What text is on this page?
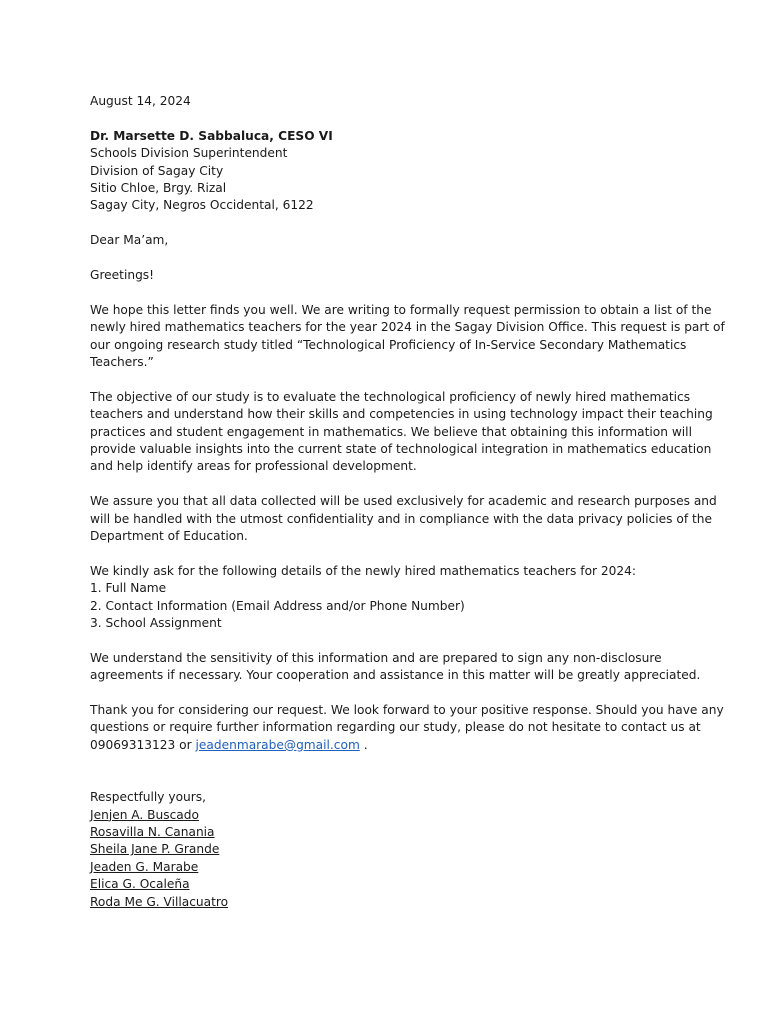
August 14, 2024
Dr. Marsette D. Sabbaluca, CESO VI
Schools Division Superintendent
Division of Sagay City
Sitio Chloe, Brgy. Rizal
Sagay City, Negros Occidental, 6122
Dear Ma’am,
Greetings!
We hope this letter finds you well. We are writing to formally request permission to obtain a list of the
newly hired mathematics teachers for the year 2024 in the Sagay Division Office. This request is part of
our ongoing research study titled “Technological Proficiency of In-Service Secondary Mathematics
Teachers.”
The objective of our study is to evaluate the technological proficiency of newly hired mathematics
teachers and understand how their skills and competencies in using technology impact their teaching
practices and student engagement in mathematics. We believe that obtaining this information will
provide valuable insights into the current state of technological integration in mathematics education
and help identify areas for professional development.
We assure you that all data collected will be used exclusively for academic and research purposes and
will be handled with the utmost confidentiality and in compliance with the data privacy policies of the
Department of Education.
We kindly ask for the following details of the newly hired mathematics teachers for 2024:
1. Full Name
2. Contact Information (Email Address and/or Phone Number)
3. School Assignment
We understand the sensitivity of this information and are prepared to sign any non-disclosure
agreements if necessary. Your cooperation and assistance in this matter will be greatly appreciated.
Thank you for considering our request. We look forward to your positive response. Should you have any
questions or require further information regarding our study, please do not hesitate to contact us at
09069313123 or jeadenmarabe@gmail.com .
Respectfully yours,
Jenjen A. Buscado
Rosavilla N. Canania
Sheila Jane P. Grande
Jeaden G. Marabe
Elica G. Ocaleña
Roda Me G. Villacuatro
